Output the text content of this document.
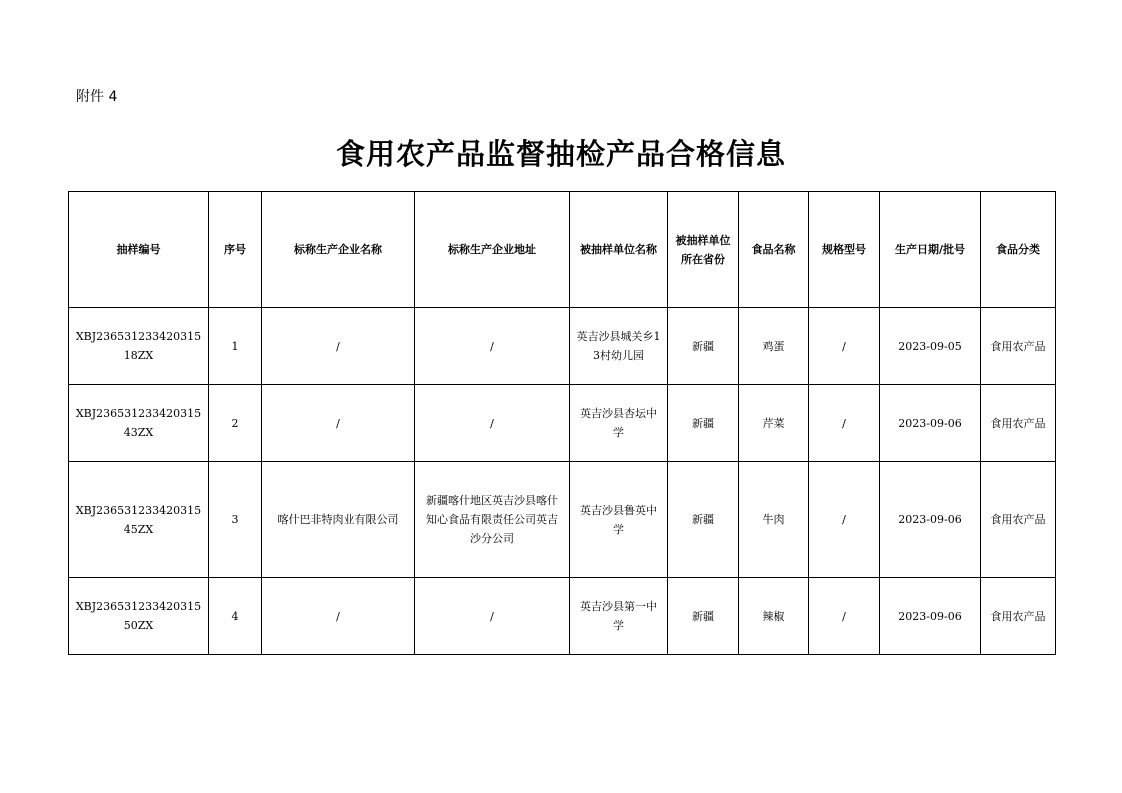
附件 4
食用农产品监督抽检产品合格信息
抽样编号	序号	标称生产企业名称	标称生产企业地址	被抽样单位名称	被抽样单位所在省份	食品名称	规格型号	生产日期/批号	食品分类
XBJ23653123342031518ZX	1	/	/	英吉沙县城关乡13村幼儿园	新疆	鸡蛋	/	2023-09-05	食用农产品
XBJ23653123342031543ZX	2	/	/	英吉沙县杏坛中学	新疆	芹菜	/	2023-09-06	食用农产品
XBJ23653123342031545ZX	3	喀什巴非特肉业有限公司	新疆喀什地区英吉沙县喀什知心食品有限责任公司英吉沙分公司	英吉沙县鲁英中学	新疆	牛肉	/	2023-09-06	食用农产品
XBJ23653123342031550ZX	4	/	/	英吉沙县第一中学	新疆	辣椒	/	2023-09-06	食用农产品
